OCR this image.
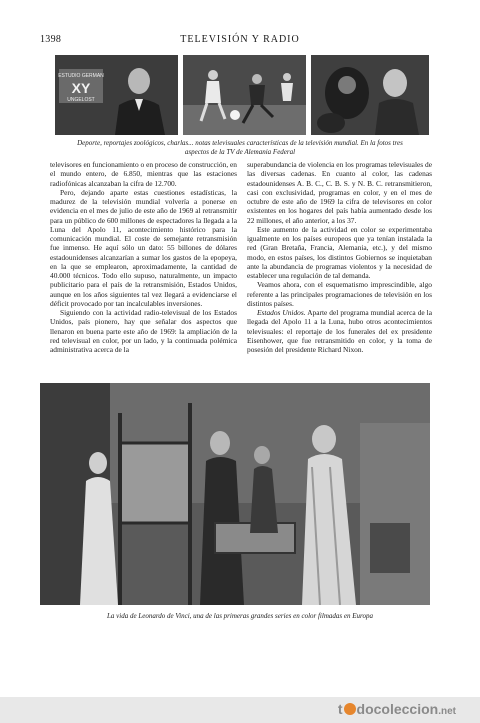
1398	TELEVISIÓN Y RADIO
ESTUDIO GERMAN
XY
UNGELOST
Deporte, reportajes zoológicos, charlas... notas televisuales características de la televisión mundial. En la fotos tres
aspectos de la TV de Alemania Federal

televisores en funcionamiento o en proceso de construcción, en el mundo entero, de 6.850, mientras que las estaciones radiofónicas alcanzaban la cifra de 12.700.

Pero, dejando aparte estas cuestiones estadísticas, la madurez de la televisión mundial volvería a ponerse en evidencia en el mes de julio de este año de 1969 al retransmitir para un público de 600 millones de espectadores la llegada a la Luna del Apolo 11, acontecimiento histórico para la comunicación mundial. El coste de semejante retransmisión fue inmenso. He aquí sólo un dato: 55 billones de dólares estadounidenses alcanzarían a sumar los gastos de la epopeya, en la que se emplearon, aproximadamente, la cantidad de 40.000 técnicos. Todo ello supuso, naturalmente, un impacto publicitario para el país de la retransmisión, Estados Unidos, aunque en los años siguientes tal vez llegará a evidenciarse el déficit provocado por tan incalculables inversiones.

Siguiendo con la actividad radio-televisual de los Estados Unidos, país pionero, hay que señalar dos aspectos que llenaron en buena parte este año de 1969: la ampliación de la red televisual en color, por un lado, y la continuada polémica administrativa acerca de la

superabundancia de violencia en los programas televisuales de las diversas cadenas. En cuanto al color, las cadenas estadounidenses A. B. C., C. B. S. y N. B. C. retransmitieron, casi con exclusividad, programas en color, y en el mes de octubre de este año de 1969 la cifra de televisores en color existentes en los hogares del país había aumentado desde los 22 millones, el año anterior, a los 37.

Este aumento de la actividad en color se experimentaba igualmente en los países europeos que ya tenían instalada la red (Gran Bretaña, Francia, Alemania, etc.), y del mismo modo, en estos países, los distintos Gobiernos se inquietaban ante la abundancia de programas violentos y la necesidad de establecer una regulación de tal demanda.

Veamos ahora, con el esquematismo imprescindible, algo referente a las principales programaciones de televisión en los distintos países.

Estados Unidos. Aparte del programa mundial acerca de la llegada del Apolo 11 a la Luna, hubo otros acontecimientos televisuales: el reportaje de los funerales del ex presidente Eisenhower, que fue retransmitido en color, y la toma de posesión del presidente Richard Nixon.

La vida de Leonardo de Vinci, una de las primeras grandes series en color filmadas en Europa
t docoleccion.net
